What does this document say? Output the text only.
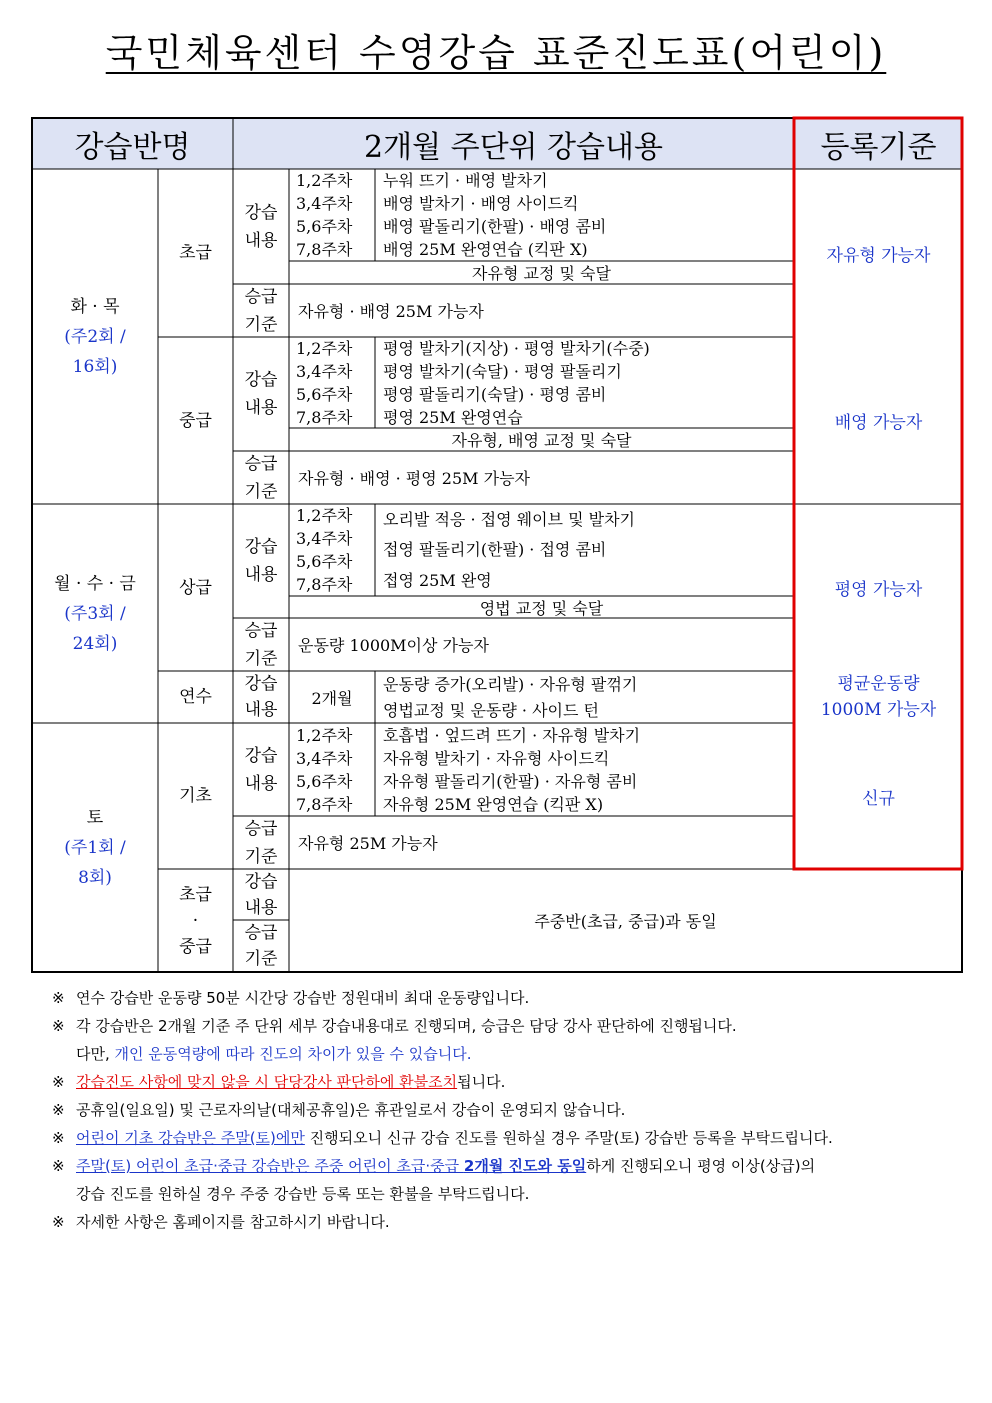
국민체육센터 수영강습 표준진도표(어린이)
강습반명	2개월 주단위 강습내용	등록기준
화 · 목
(주2회 /
16회)
월 · 수 · 금
(주3회 /
24회)
토
(주1회 /
8회)
초급
중급
상급
연수
기초
초급
·
중급
강습
내용
승급
기준
강습
내용
승급
기준
강습
내용
승급
기준
강습
내용
강습
내용
승급
기준
강습
내용
승급
기준
1,2주차
3,4주차
5,6주차
7,8주차
누워 뜨기 · 배영 발차기
배영 발차기 · 배영 사이드킥
배영 팔돌리기(한팔) · 배영 콤비
배영 25M 완영연습 (킥판 X)
자유형 교정 및 숙달
자유형 · 배영 25M 가능자
1,2주차
3,4주차
5,6주차
7,8주차
평영 발차기(지상) · 평영 발차기(수중)
평영 발차기(숙달) · 평영 팔돌리기
평영 팔돌리기(숙달) · 평영 콤비
평영 25M 완영연습
자유형, 배영 교정 및 숙달
자유형 · 배영 · 평영 25M 가능자
1,2주차
3,4주차
5,6주차
7,8주차
오리발 적응 · 접영 웨이브 및 발차기
접영 팔돌리기(한팔) · 접영 콤비
접영 25M 완영
영법 교정 및 숙달
운동량 1000M이상 가능자
2개월
운동량 증가(오리발) · 자유형 팔꺾기
영법교정 및 운동량 · 사이드 턴
1,2주차
3,4주차
5,6주차
7,8주차
호흡법 · 엎드려 뜨기 · 자유형 발차기
자유형 발차기 · 자유형 사이드킥
자유형 팔돌리기(한팔) · 자유형 콤비
자유형 25M 완영연습 (킥판 X)
자유형 25M 가능자
주중반(초급, 중급)과 동일
자유형 가능자
배영 가능자
평영 가능자
평균운동량
1000M 가능자
신규
※ 연수 강습반 운동량 50분 시간당 강습반 정원대비 최대 운동량입니다.
※ 각 강습반은 2개월 기준 주 단위 세부 강습내용대로 진행되며, 승급은 담당 강사 판단하에 진행됩니다.
다만, 개인 운동역량에 따라 진도의 차이가 있을 수 있습니다.
※ 강습진도 사항에 맞지 않을 시 담당강사 판단하에 환불조치됩니다.
※ 공휴일(일요일) 및 근로자의날(대체공휴일)은 휴관일로서 강습이 운영되지 않습니다.
※ 어린이 기초 강습반은 주말(토)에만 진행되오니 신규 강습 진도를 원하실 경우 주말(토) 강습반 등록을 부탁드립니다.
※ 주말(토) 어린이 초급·중급 강습반은 주중 어린이 초급·중급 2개월 진도와 동일하게 진행되오니 평영 이상(상급)의
강습 진도를 원하실 경우 주중 강습반 등록 또는 환불을 부탁드립니다.
※ 자세한 사항은 홈페이지를 참고하시기 바랍니다.
